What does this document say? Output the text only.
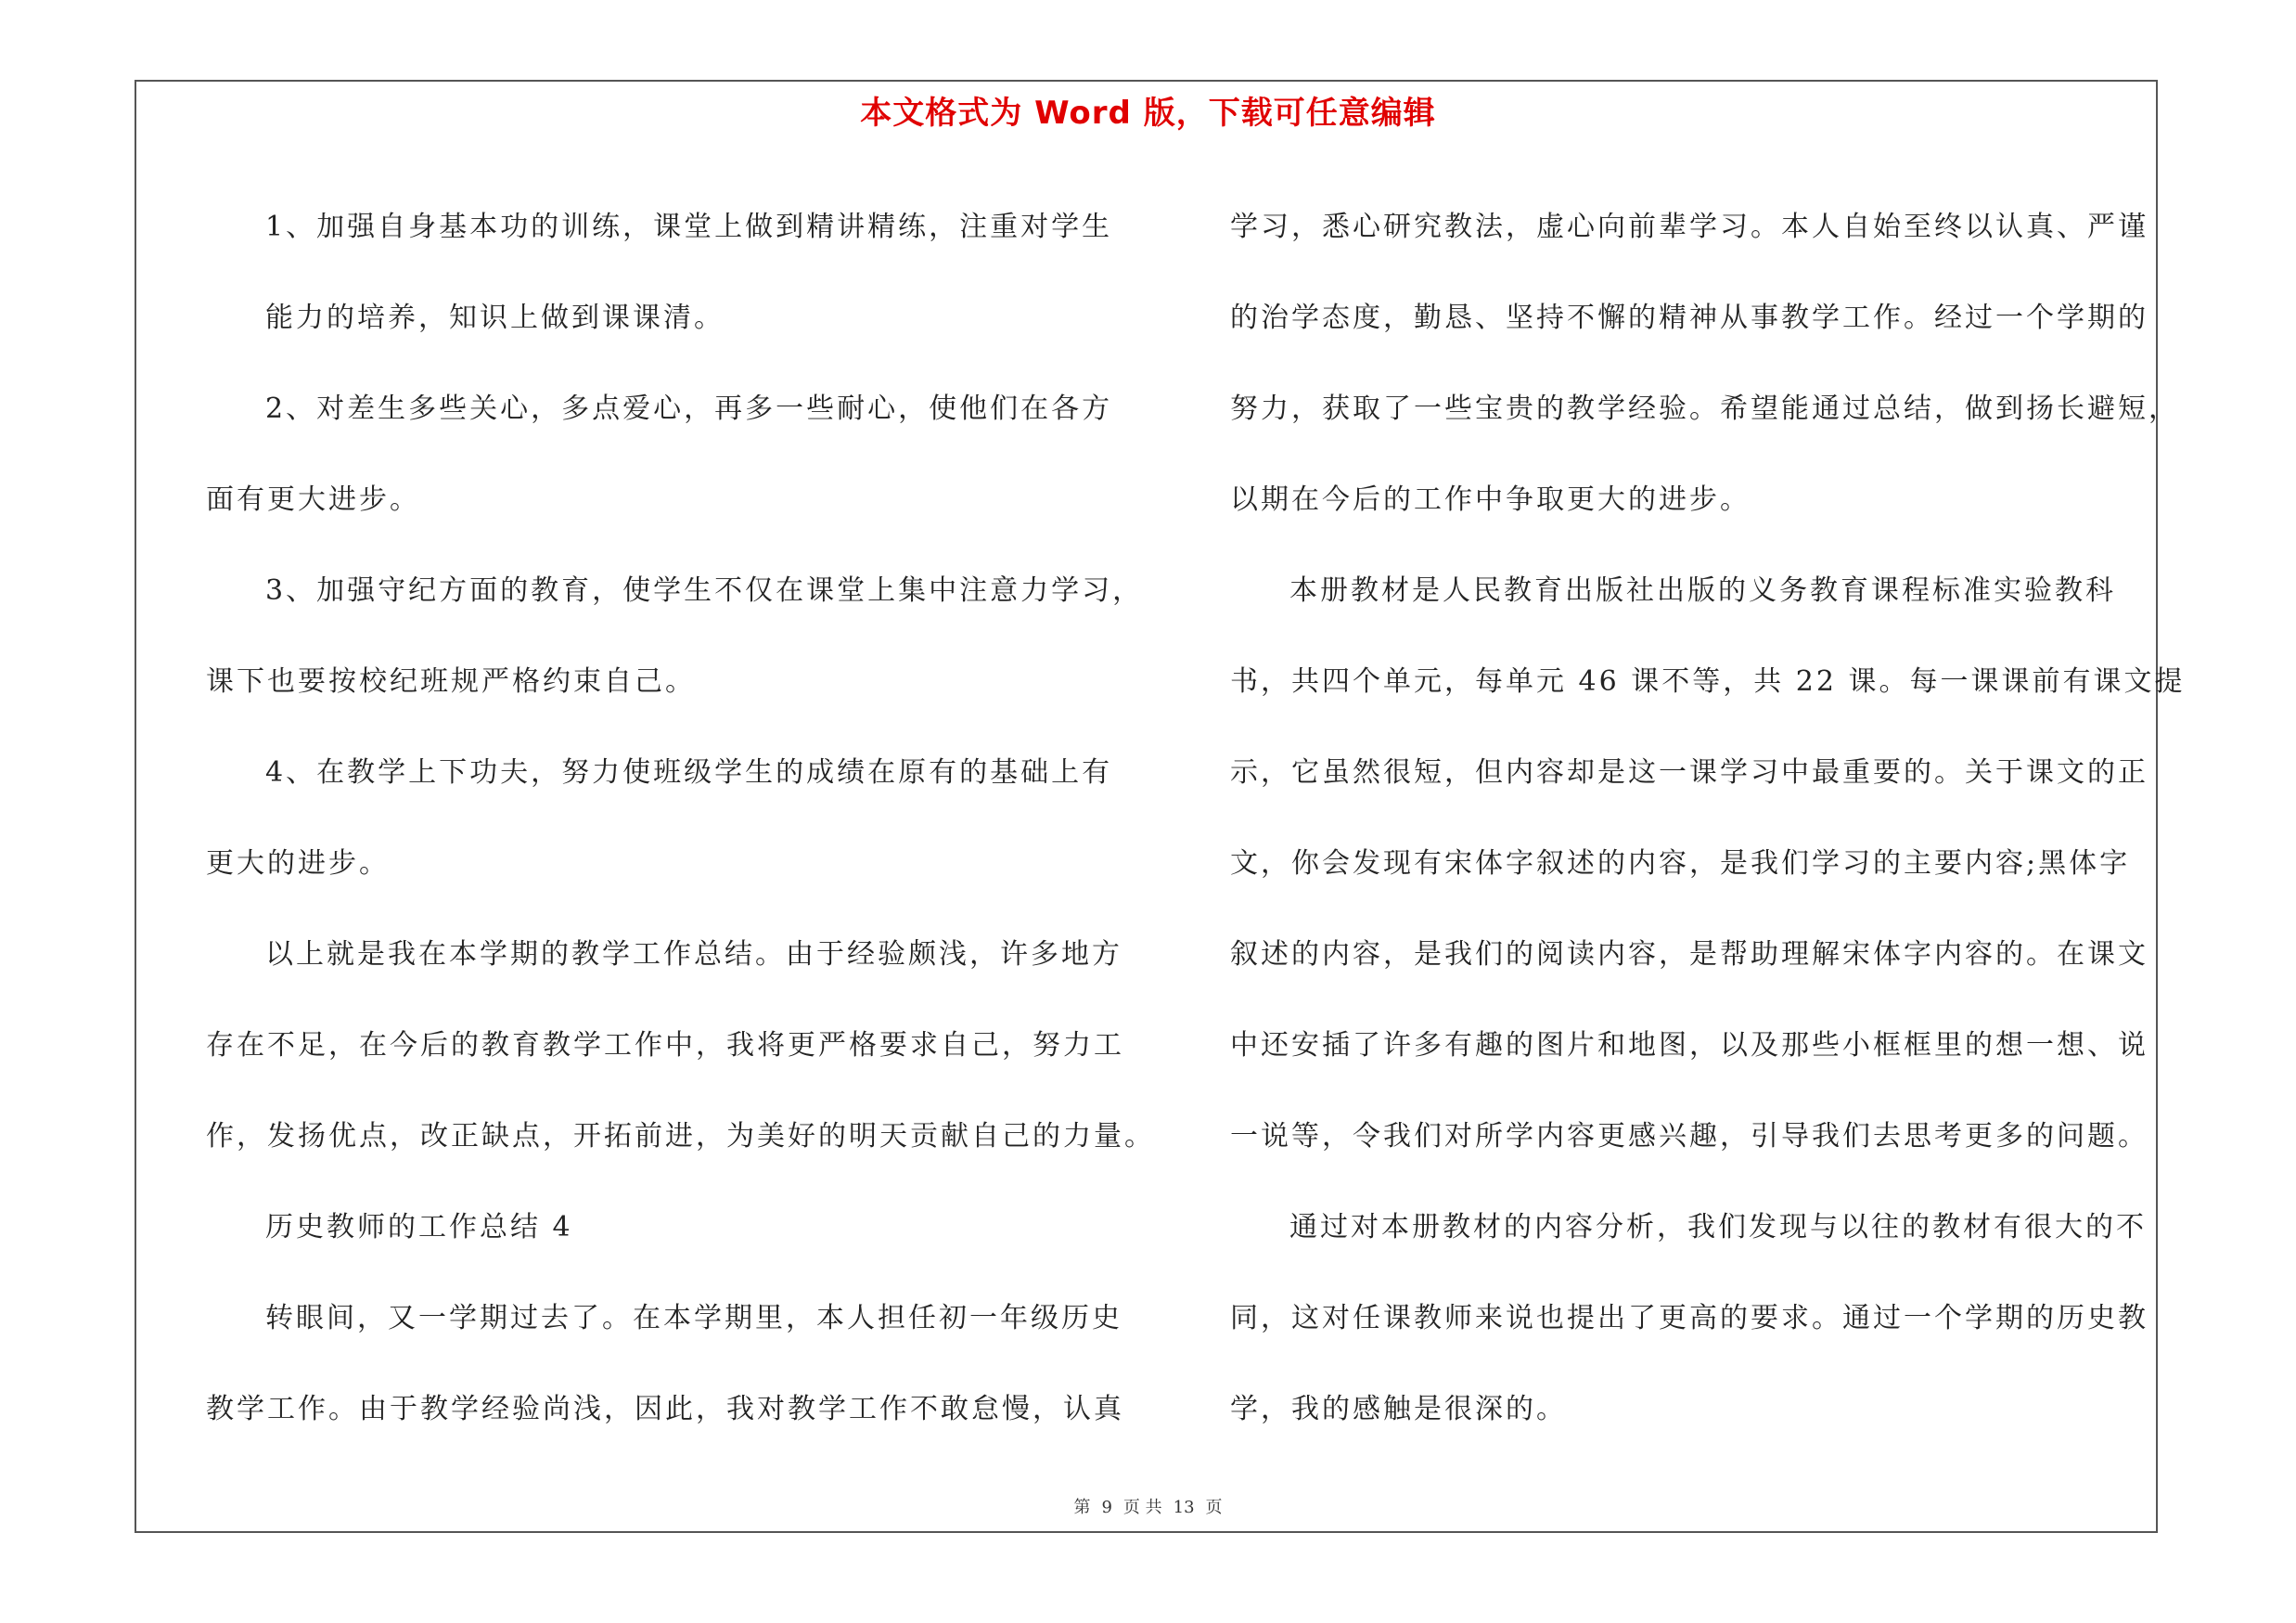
本文格式为 Word 版，下载可任意编辑
1、加强自身基本功的训练，课堂上做到精讲精练，注重对学生
能力的培养，知识上做到课课清。
2、对差生多些关心，多点爱心，再多一些耐心，使他们在各方
面有更大进步。
3、加强守纪方面的教育，使学生不仅在课堂上集中注意力学习，
课下也要按校纪班规严格约束自己。
4、在教学上下功夫，努力使班级学生的成绩在原有的基础上有
更大的进步。
以上就是我在本学期的教学工作总结。由于经验颇浅，许多地方
存在不足，在今后的教育教学工作中，我将更严格要求自己，努力工
作，发扬优点，改正缺点，开拓前进，为美好的明天贡献自己的力量。
历史教师的工作总结 4
转眼间，又一学期过去了。在本学期里，本人担任初一年级历史
教学工作。由于教学经验尚浅，因此，我对教学工作不敢怠慢，认真
学习，悉心研究教法，虚心向前辈学习。本人自始至终以认真、严谨
的治学态度，勤恳、坚持不懈的精神从事教学工作。经过一个学期的
努力，获取了一些宝贵的教学经验。希望能通过总结，做到扬长避短，
以期在今后的工作中争取更大的进步。
本册教材是人民教育出版社出版的义务教育课程标准实验教科
书，共四个单元，每单元 46 课不等，共 22 课。每一课课前有课文提
示，它虽然很短，但内容却是这一课学习中最重要的。关于课文的正
文，你会发现有宋体字叙述的内容，是我们学习的主要内容;黑体字
叙述的内容，是我们的阅读内容，是帮助理解宋体字内容的。在课文
中还安插了许多有趣的图片和地图，以及那些小框框里的想一想、说
一说等，令我们对所学内容更感兴趣，引导我们去思考更多的问题。
通过对本册教材的内容分析，我们发现与以往的教材有很大的不
同，这对任课教师来说也提出了更高的要求。通过一个学期的历史教
学，我的感触是很深的。
第 9 页 共 13 页
